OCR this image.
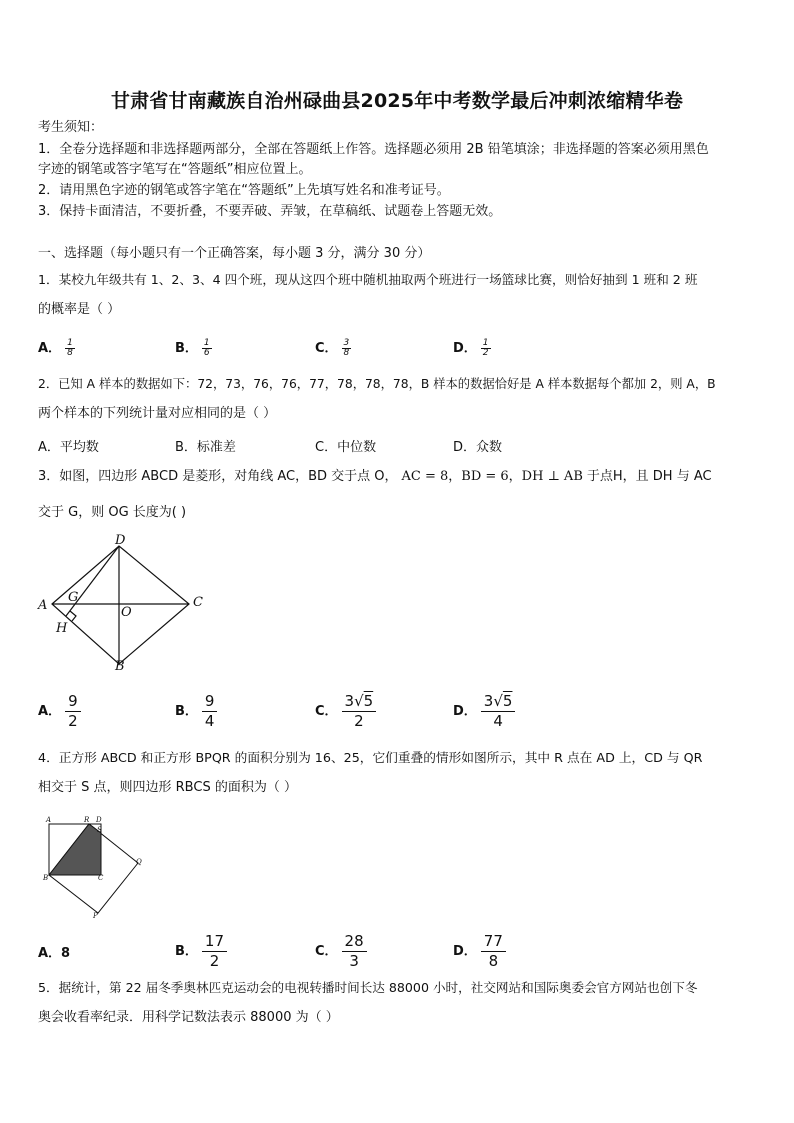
甘肃省甘南藏族自治州碌曲县2025年中考数学最后冲刺浓缩精华卷
考生须知：
1．全卷分选择题和非选择题两部分，全部在答题纸上作答。选择题必须用 2B 铅笔填涂；非选择题的答案必须用黑色
字迹的钢笔或答字笔写在“答题纸”相应位置上。
2．请用黑色字迹的钢笔或答字笔在“答题纸”上先填写姓名和准考证号。
3．保持卡面清洁，不要折叠，不要弄破、弄皱，在草稿纸、试题卷上答题无效。
一、选择题（每小题只有一个正确答案，每小题 3 分，满分 30 分）
1．某校九年级共有 1、2、3、4 四个班，现从这四个班中随机抽取两个班进行一场篮球比赛，则恰好抽到 1 班和 2 班
的概率是（ ）
A． $\frac{1}{8}$	B． $\frac{1}{6}$	C． $\frac{3}{8}$	D． $\frac{1}{2}$
2．已知 A 样本的数据如下：72，73，76，76，77，78，78，78，B 样本的数据恰好是 A 样本数据每个都加 2，则 A，B
两个样本的下列统计量对应相同的是（ ）
A．平均数	B．标准差	C．中位数	D．众数
3．如图，四边形 ABCD 是菱形，对角线 AC，BD 交于点 O， AC = 8，BD = 6，DH ⊥ AB 于点H，且 DH 与 AC
交于 G，则 OG 长度为( )
D
A
G
O
C
H
B
A． $\frac{9}{2}$	B． $\frac{9}{4}$	C． $\frac{3√5}{2}$	D． $\frac{3√5}{4}$
4．正方形 ABCD 和正方形 BPQR 的面积分别为 16、25，它们重叠的情形如图所示，其中 R 点在 AD 上，CD 与 QR
相交于 S 点，则四边形 RBCS 的面积为（ ）
A	R D
S
Q
B	C
P
A．8	B． $\frac{17}{2}$	C． $\frac{28}{3}$	D． $\frac{77}{8}$
5．据统计，第 22 届冬季奥林匹克运动会的电视转播时间长达 88000 小时，社交网站和国际奥委会官方网站也创下冬
奥会收看率纪录．用科学记数法表示 88000 为（ ）
